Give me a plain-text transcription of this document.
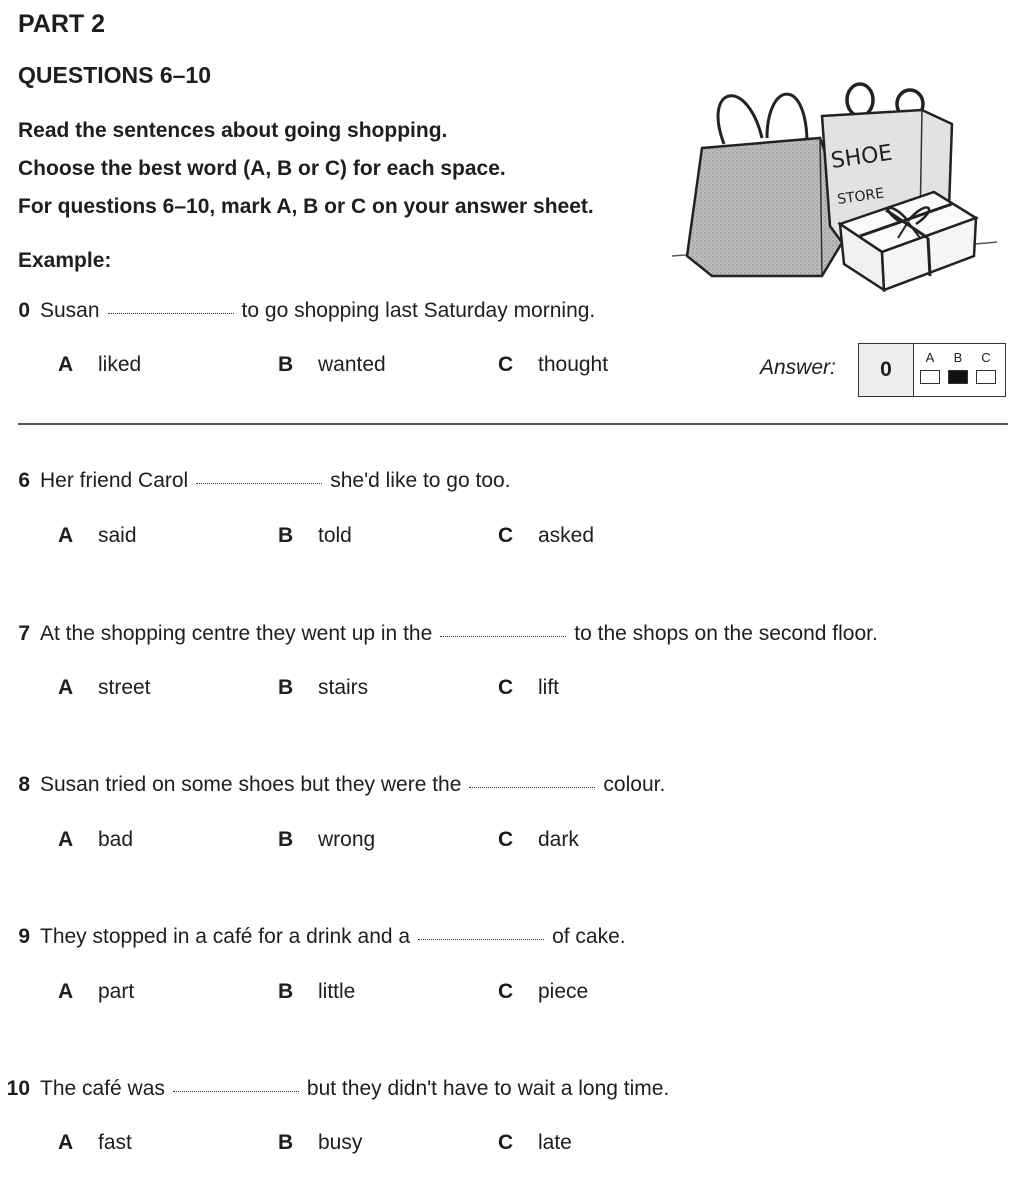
PART 2
QUESTIONS 6–10
Read the sentences about going shopping.
Choose the best word (A, B or C) for each space.
For questions 6–10, mark A, B or C on your answer sheet.
SHOE
STORE
Example:
0 Susan	to go shopping last Saturday morning.
A liked	B wanted	C thought	Answer:	0
A	B	C
6 Her friend Carol	she'd like to go too.
A said	B told	C asked
7 At the shopping centre they went up in the	to the shops on the second floor.
A street	B stairs	C lift
8 Susan tried on some shoes but they were the	colour.
A bad	B wrong	C dark
9 They stopped in a café for a drink and a	of cake.
A part	B little	C piece
10 The café was	but they didn't have to wait a long time.
A fast	B busy	C late
